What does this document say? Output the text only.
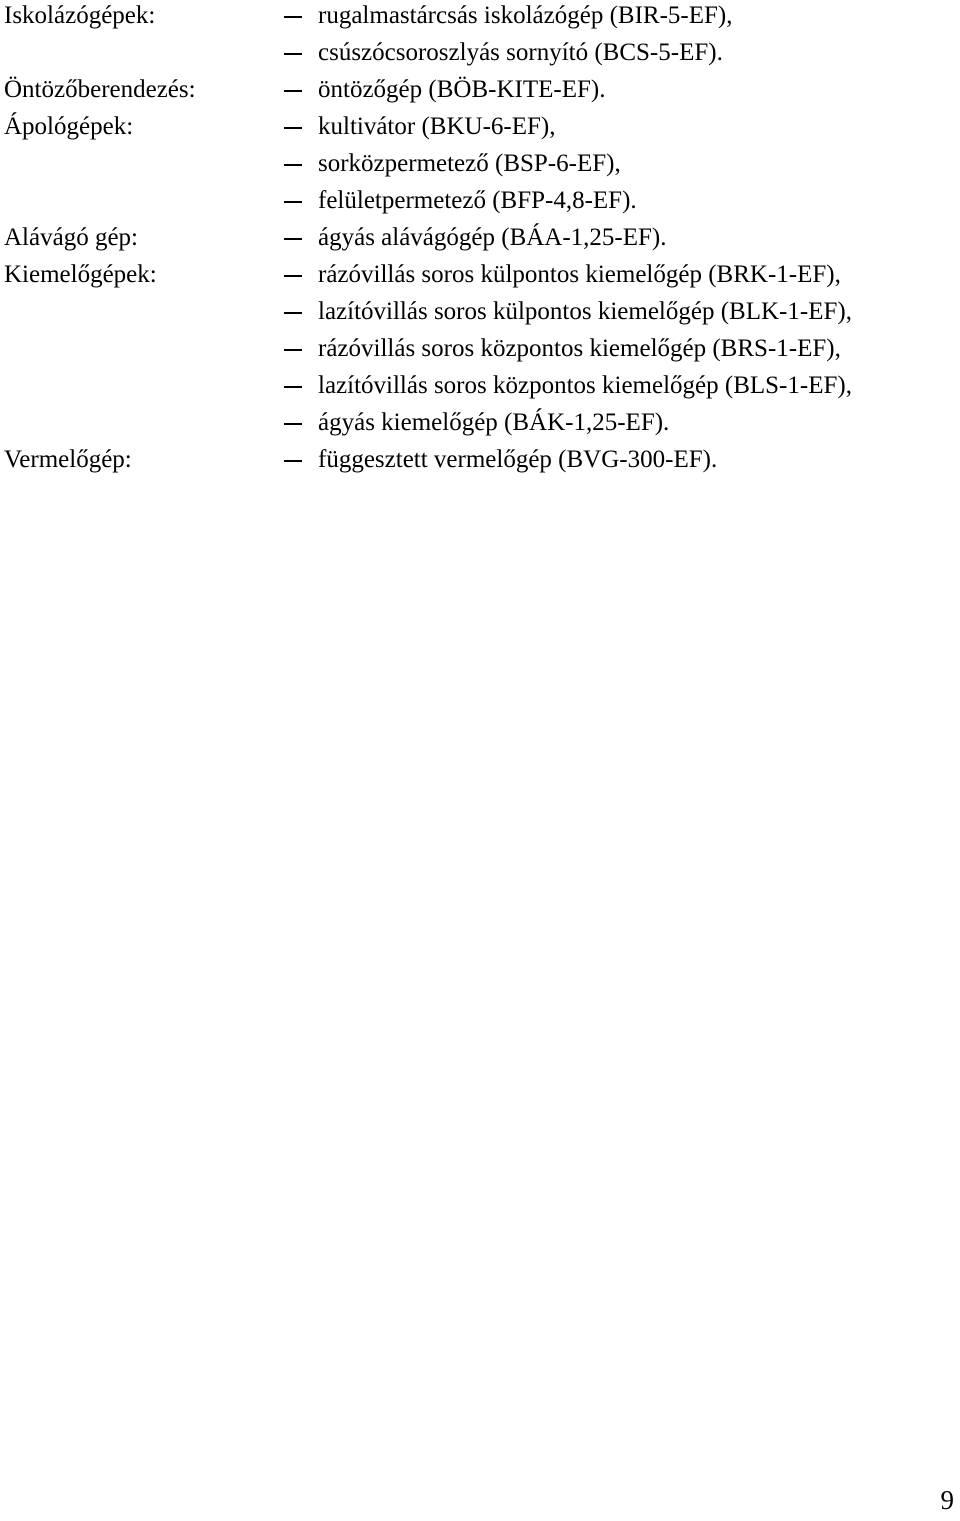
Iskolázógépek:	rugalmastárcsás iskolázógép (BIR-5-EF),
csúszócsoroszlyás sornyító (BCS-5-EF).
Öntözőberendezés:	öntözőgép (BÖB-KITE-EF).
Ápológépek:	kultivátor (BKU-6-EF),
sorközpermetező (BSP-6-EF),
felületpermetező (BFP-4,8-EF).
Alávágó gép:	ágyás alávágógép (BÁA-1,25-EF).
Kiemelőgépek:	rázóvillás soros külpontos kiemelőgép (BRK-1-EF),
lazítóvillás soros külpontos kiemelőgép (BLK-1-EF),
rázóvillás soros központos kiemelőgép (BRS-1-EF),
lazítóvillás soros központos kiemelőgép (BLS-1-EF),
ágyás kiemelőgép (BÁK-1,25-EF).
Vermelőgép:	függesztett vermelőgép (BVG-300-EF).
9
